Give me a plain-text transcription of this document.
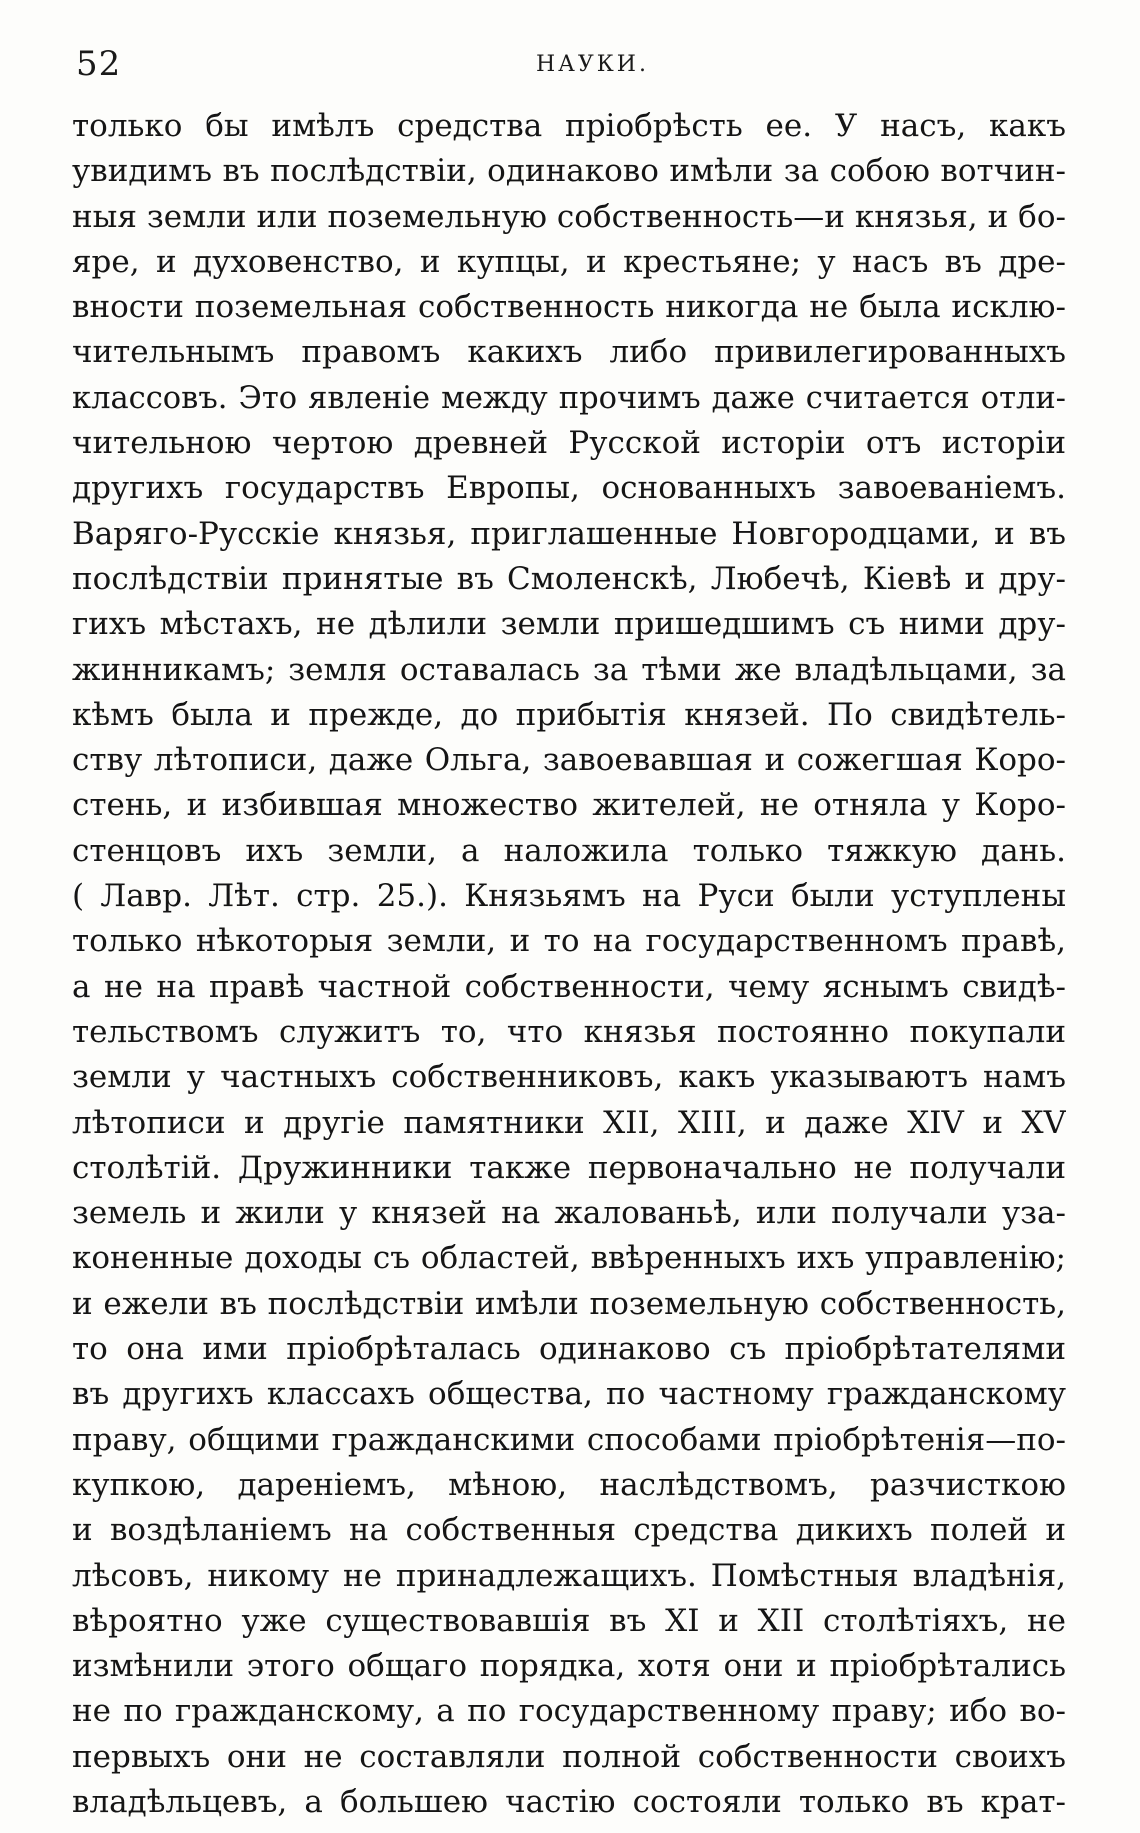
52	НАУКИ.
только бы имѣлъ средства пріобрѣсть ее. У насъ, какъ
увидимъ въ послѣдствіи, одинаково имѣли за собою вотчин-
ныя земли или поземельную собственность—и князья, и бо-
яре, и духовенство, и купцы, и крестьяне; у насъ въ дре-
вности поземельная собственность никогда не была исклю-
чительнымъ правомъ какихъ либо привилегированныхъ
классовъ. Это явленіе между прочимъ даже считается отли-
чительною чертою древней Русской исторіи отъ исторіи
другихъ государствъ Европы, основанныхъ завоеваніемъ.
Варяго-Русскіе князья, приглашенные Новгородцами, и въ
послѣдствіи принятые въ Смоленскѣ, Любечѣ, Кіевѣ и дру-
гихъ мѣстахъ, не дѣлили земли пришедшимъ съ ними дру-
жинникамъ; земля оставалась за тѣми же владѣльцами, за
кѣмъ была и прежде, до прибытія князей. По свидѣтель-
ству лѣтописи, даже Ольга, завоевавшая и сожегшая Коро-
стень, и избившая множество жителей, не отняла у Коро-
стенцовъ ихъ земли, а наложила только тяжкую дань.
( Лавр. Лѣт. стр. 25.). Князьямъ на Руси были уступлены
только нѣкоторыя земли, и то на государственномъ правѣ,
а не на правѣ частной собственности, чему яснымъ свидѣ-
тельствомъ служитъ то, что князья постоянно покупали
земли у частныхъ собственниковъ, какъ указываютъ намъ
лѣтописи и другіе памятники XII, XIII, и даже XIV и XV
столѣтій. Дружинники также первоначально не получали
земель и жили у князей на жалованьѣ, или получали уза-
коненные доходы съ областей, ввѣренныхъ ихъ управленію;
и ежели въ послѣдствіи имѣли поземельную собственность,
то она ими пріобрѣталась одинаково съ пріобрѣтателями
въ другихъ классахъ общества, по частному гражданскому
праву, общими гражданскими способами пріобрѣтенія—по-
купкою, дареніемъ, мѣною, наслѣдствомъ, разчисткою
и воздѣланіемъ на собственныя средства дикихъ полей и
лѣсовъ, никому не принадлежащихъ. Помѣстныя владѣнія,
вѣроятно уже существовавшія въ XI и XII столѣтіяхъ, не
измѣнили этого общаго порядка, хотя они и пріобрѣтались
не по гражданскому, а по государственному праву; ибо во-
первыхъ они не составляли полной собственности своихъ
владѣльцевъ, а большею частію состояли только въ крат-
